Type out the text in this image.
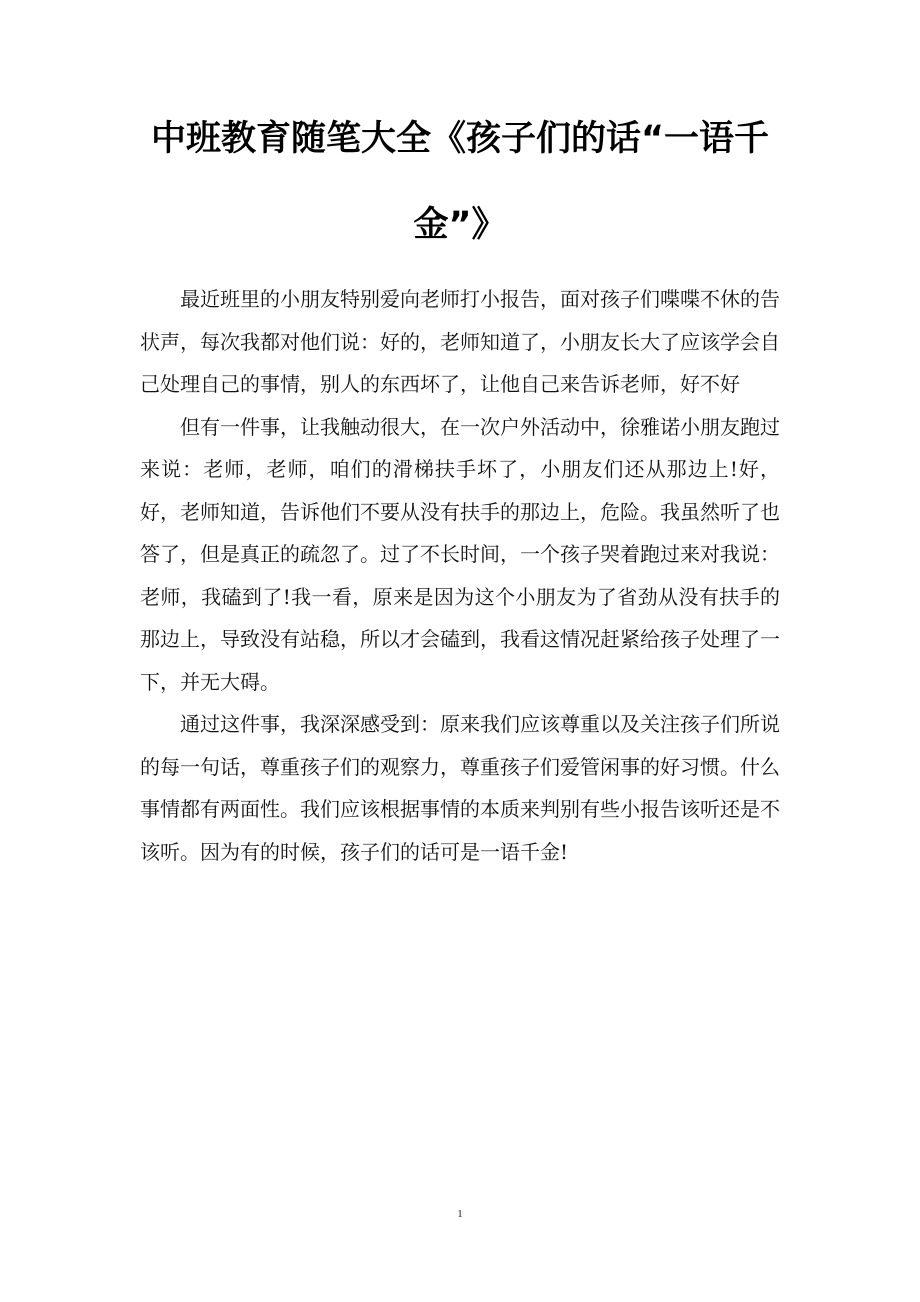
中班教育随笔大全《孩子们的话“一语千金”》

最近班里的小朋友特别爱向老师打小报告，面对孩子们喋喋不休的告状声，每次我都对他们说：好的，老师知道了，小朋友长大了应该学会自己处理自己的事情，别人的东西坏了，让他自己来告诉老师，好不好

但有一件事，让我触动很大，在一次户外活动中，徐雅诺小朋友跑过来说：老师，老师，咱们的滑梯扶手坏了，小朋友们还从那边上!好，好，老师知道，告诉他们不要从没有扶手的那边上，危险。我虽然听了也答了，但是真正的疏忽了。过了不长时间，一个孩子哭着跑过来对我说：老师，我磕到了!我一看，原来是因为这个小朋友为了省劲从没有扶手的那边上，导致没有站稳，所以才会磕到，我看这情况赶紧给孩子处理了一下，并无大碍。

通过这件事，我深深感受到：原来我们应该尊重以及关注孩子们所说的每一句话，尊重孩子们的观察力，尊重孩子们爱管闲事的好习惯。什么事情都有两面性。我们应该根据事情的本质来判别有些小报告该听还是不该听。因为有的时候，孩子们的话可是一语千金!

1
